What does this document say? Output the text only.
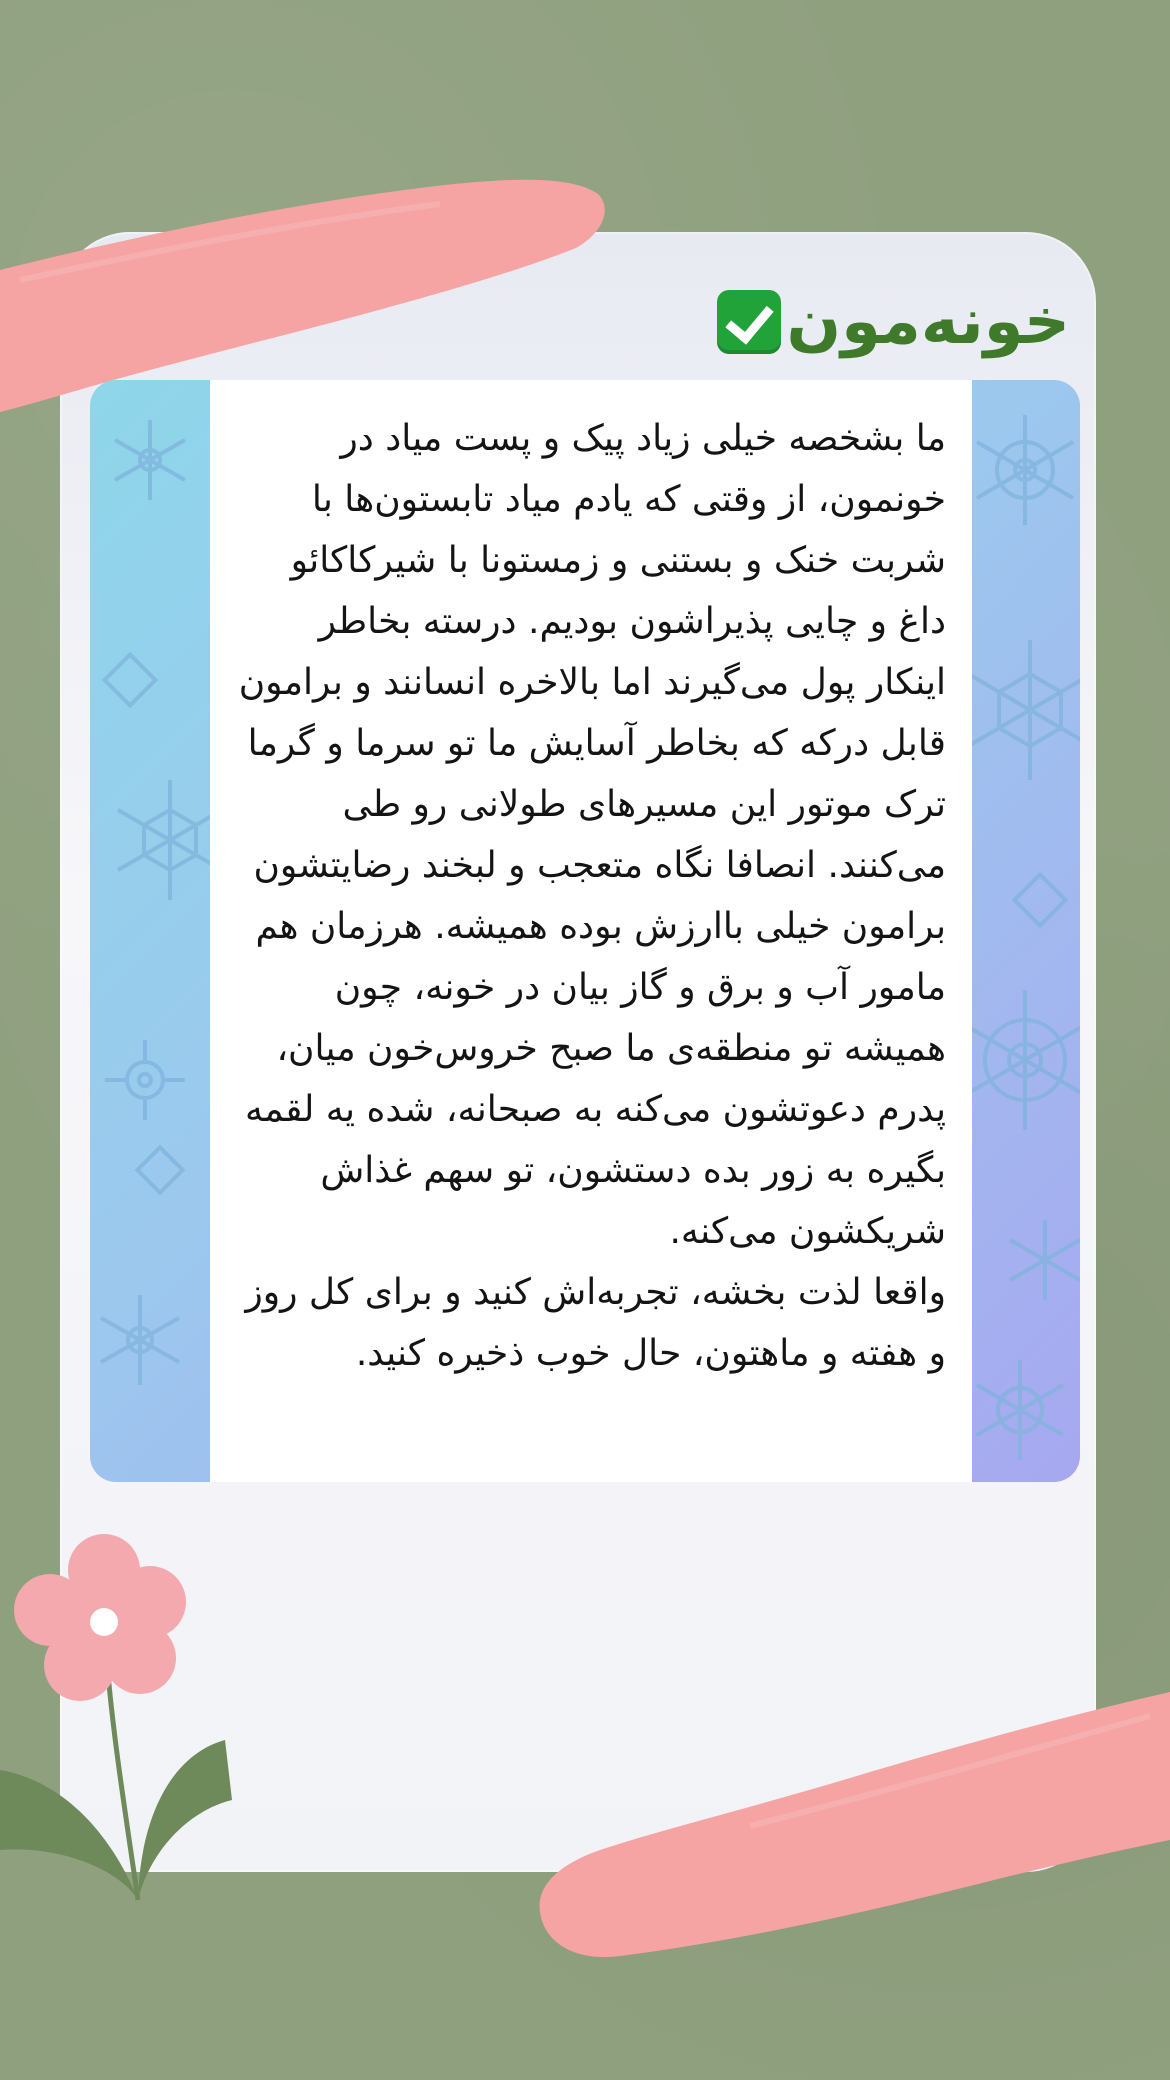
خونه‌مون

ما بشخصه خیلی زیاد پیک و پست میاد در خونمون، از وقتی که یادم میاد تابستون‌ها با شربت خنک و بستنی و زمستونا با شیرکاکائو داغ و چایی پذیراشون بودیم. درسته بخاطر اینکار پول می‌گیرند اما بالاخره انسانند و برامون قابل درکه که بخاطر آسایش ما تو سرما و گرما ترک موتور این مسیرهای طولانی رو طی می‌کنند. انصافا نگاه متعجب و لبخند رضایتشون برامون خیلی باارزش بوده همیشه. هرزمان هم مامور آب و برق و گاز بیان در خونه، چون همیشه تو منطقه‌ی ما صبح خروس‌خون میان، پدرم دعوتشون می‌کنه به صبحانه، شده یه لقمه بگیره به زور بده دستشون، تو سهم غذاش شریکشون می‌کنه.
واقعا لذت بخشه، تجربه‌اش کنید و برای کل روز و هفته و ماهتون، حال خوب ذخیره کنید.
